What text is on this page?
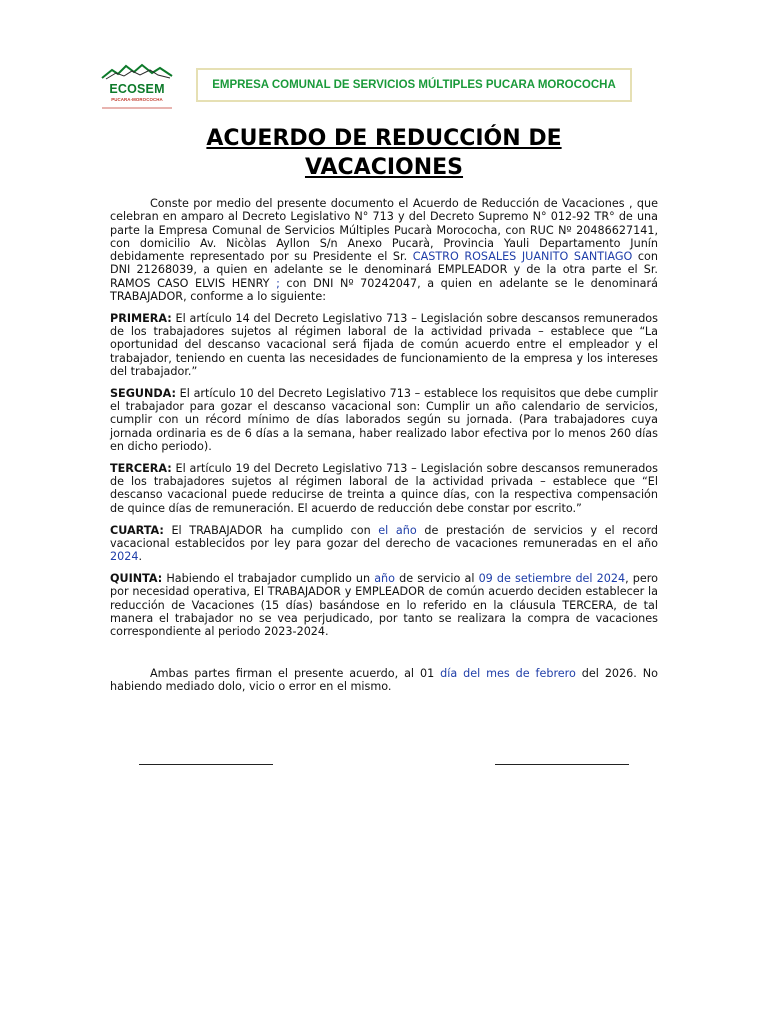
ECOSEM
PUCARA-MOROCOCHA
EMPRESA COMUNAL DE SERVICIOS MÚLTIPLES PUCARA MOROCOCHA
ACUERDO DE REDUCCIÓN DE VACACIONES

Conste por medio del presente documento el Acuerdo de Reducción de Vacaciones , que celebran en amparo al Decreto Legislativo N° 713 y del Decreto Supremo N° 012-92 TR° de una parte la Empresa Comunal de Servicios Múltiples Pucarà Morococha, con RUC Nº 20486627141, con domicilio Av. Nicòlas Ayllon S/n Anexo Pucarà, Provincia Yauli Departamento Junín debidamente representado por su Presidente el Sr. CASTRO ROSALES JUANITO SANTIAGO con DNI 21268039, a quien en adelante se le denominará EMPLEADOR y de la otra parte el Sr. RAMOS CASO ELVIS HENRY ; con DNI Nº 70242047, a quien en adelante se le denominará TRABAJADOR, conforme a lo siguiente:

PRIMERA: El artículo 14 del Decreto Legislativo 713 – Legislación sobre descansos remunerados de los trabajadores sujetos al régimen laboral de la actividad privada – establece que “La oportunidad del descanso vacacional será fijada de común acuerdo entre el empleador y el trabajador, teniendo en cuenta las necesidades de funcionamiento de la empresa y los intereses del trabajador.”

SEGUNDA: El artículo 10 del Decreto Legislativo 713 – establece los requisitos que debe cumplir el trabajador para gozar el descanso vacacional son: Cumplir un año calendario de servicios, cumplir con un récord mínimo de días laborados según su jornada. (Para trabajadores cuya jornada ordinaria es de 6 días a la semana, haber realizado labor efectiva por lo menos 260 días en dicho periodo).

TERCERA: El artículo 19 del Decreto Legislativo 713 – Legislación sobre descansos remunerados de los trabajadores sujetos al régimen laboral de la actividad privada – establece que “El descanso vacacional puede reducirse de treinta a quince días, con la respectiva compensación de quince días de remuneración. El acuerdo de reducción debe constar por escrito.”

CUARTA: El TRABAJADOR ha cumplido con el año de prestación de servicios y el record vacacional establecidos por ley para gozar del derecho de vacaciones remuneradas en el año 2024.

QUINTA: Habiendo el trabajador cumplido un año de servicio al 09 de setiembre del 2024, pero por necesidad operativa, El TRABAJADOR y EMPLEADOR de común acuerdo deciden establecer la reducción de Vacaciones (15 días) basándose en lo referido en la cláusula TERCERA, de tal manera el trabajador no se vea perjudicado, por tanto se realizara la compra de vacaciones correspondiente al periodo 2023-2024.

Ambas partes firman el presente acuerdo, al 01 día del mes de febrero del 2026. No habiendo mediado dolo, vicio o error en el mismo.
